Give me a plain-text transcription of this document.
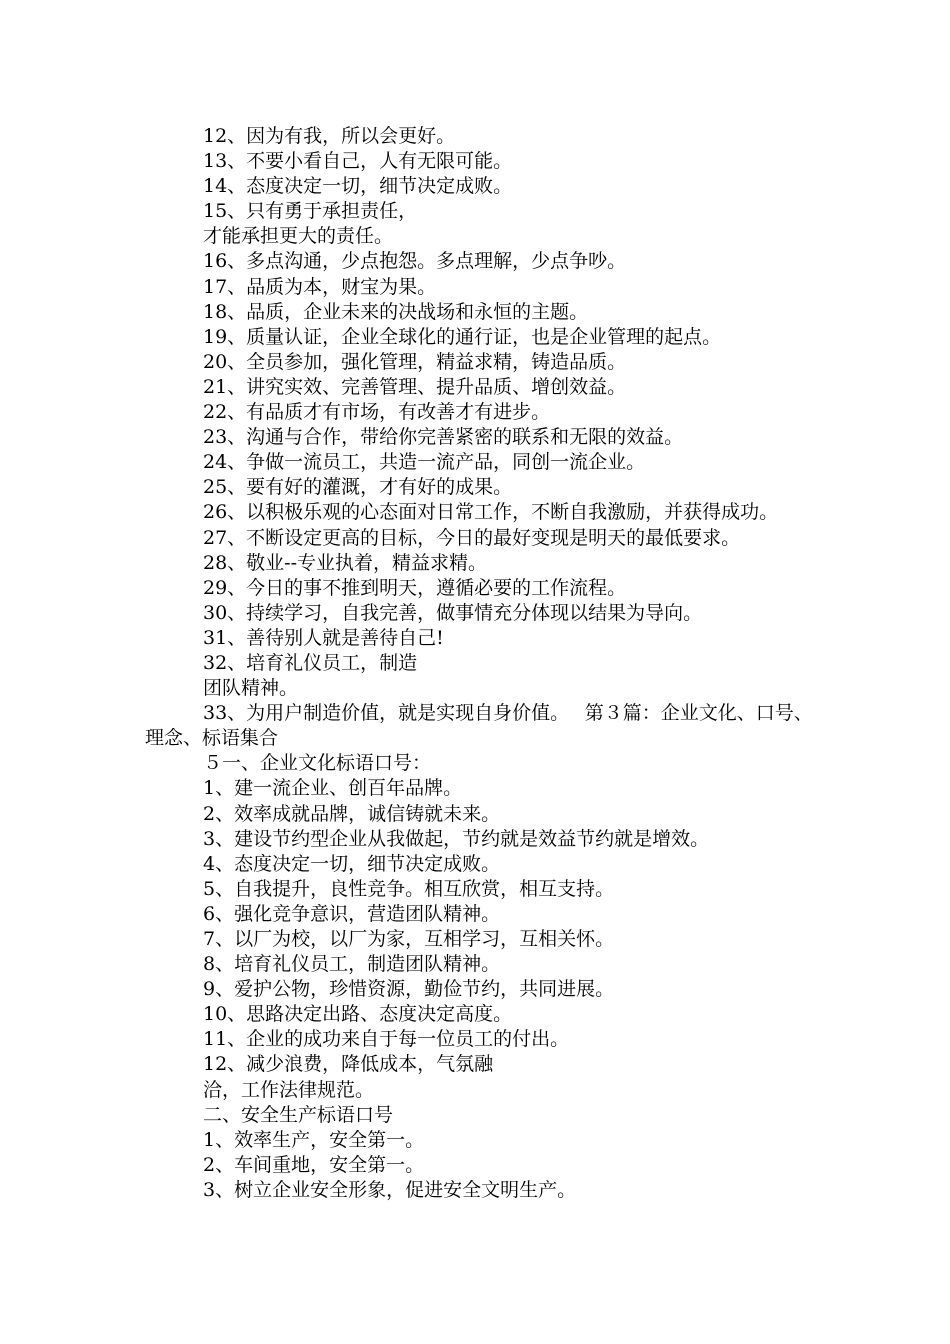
12、因为有我，所以会更好。

13、不要小看自己，人有无限可能。

14、态度决定一切，细节决定成败。

15、只有勇于承担责任，

才能承担更大的责任。

16、多点沟通，少点抱怨。多点理解，少点争吵。

17、品质为本，财宝为果。

18、品质，企业未来的决战场和永恒的主题。

19、质量认证，企业全球化的通行证，也是企业管理的起点。

20、全员参加，强化管理，精益求精，铸造品质。

21、讲究实效、完善管理、提升品质、增创效益。

22、有品质才有市场，有改善才有进步。

23、沟通与合作，带给你完善紧密的联系和无限的效益。

24、争做一流员工，共造一流产品，同创一流企业。

25、要有好的灌溉，才有好的成果。

26、以积极乐观的心态面对日常工作，不断自我激励，并获得成功。

27、不断设定更高的目标，今日的最好变现是明天的最低要求。

28、敬业--专业执着，精益求精。

29、今日的事不推到明天，遵循必要的工作流程。

30、持续学习，自我完善，做事情充分体现以结果为导向。

31、善待别人就是善待自己!

32、培育礼仪员工，制造

团队精神。

33、为用户制造价值，就是实现自身价值。　 第３篇：企业文化、口号、理念、标语集合

５一、企业文化标语口号：

1、建一流企业、创百年品牌。

2、效率成就品牌，诚信铸就未来。

3、建设节约型企业从我做起，节约就是效益节约就是增效。

4、态度决定一切，细节决定成败。

5、自我提升，良性竞争。相互欣赏，相互支持。

6、强化竞争意识，营造团队精神。

7、以厂为校，以厂为家，互相学习，互相关怀。

8、培育礼仪员工，制造团队精神。

9、爱护公物，珍惜资源，勤俭节约，共同进展。

10、思路决定出路、态度决定高度。

11、企业的成功来自于每一位员工的付出。

12、减少浪费，降低成本，气氛融

洽，工作法律规范。

二、安全生产标语口号

1、效率生产，安全第一。

2、车间重地，安全第一。

3、树立企业安全形象，促进安全文明生产。
